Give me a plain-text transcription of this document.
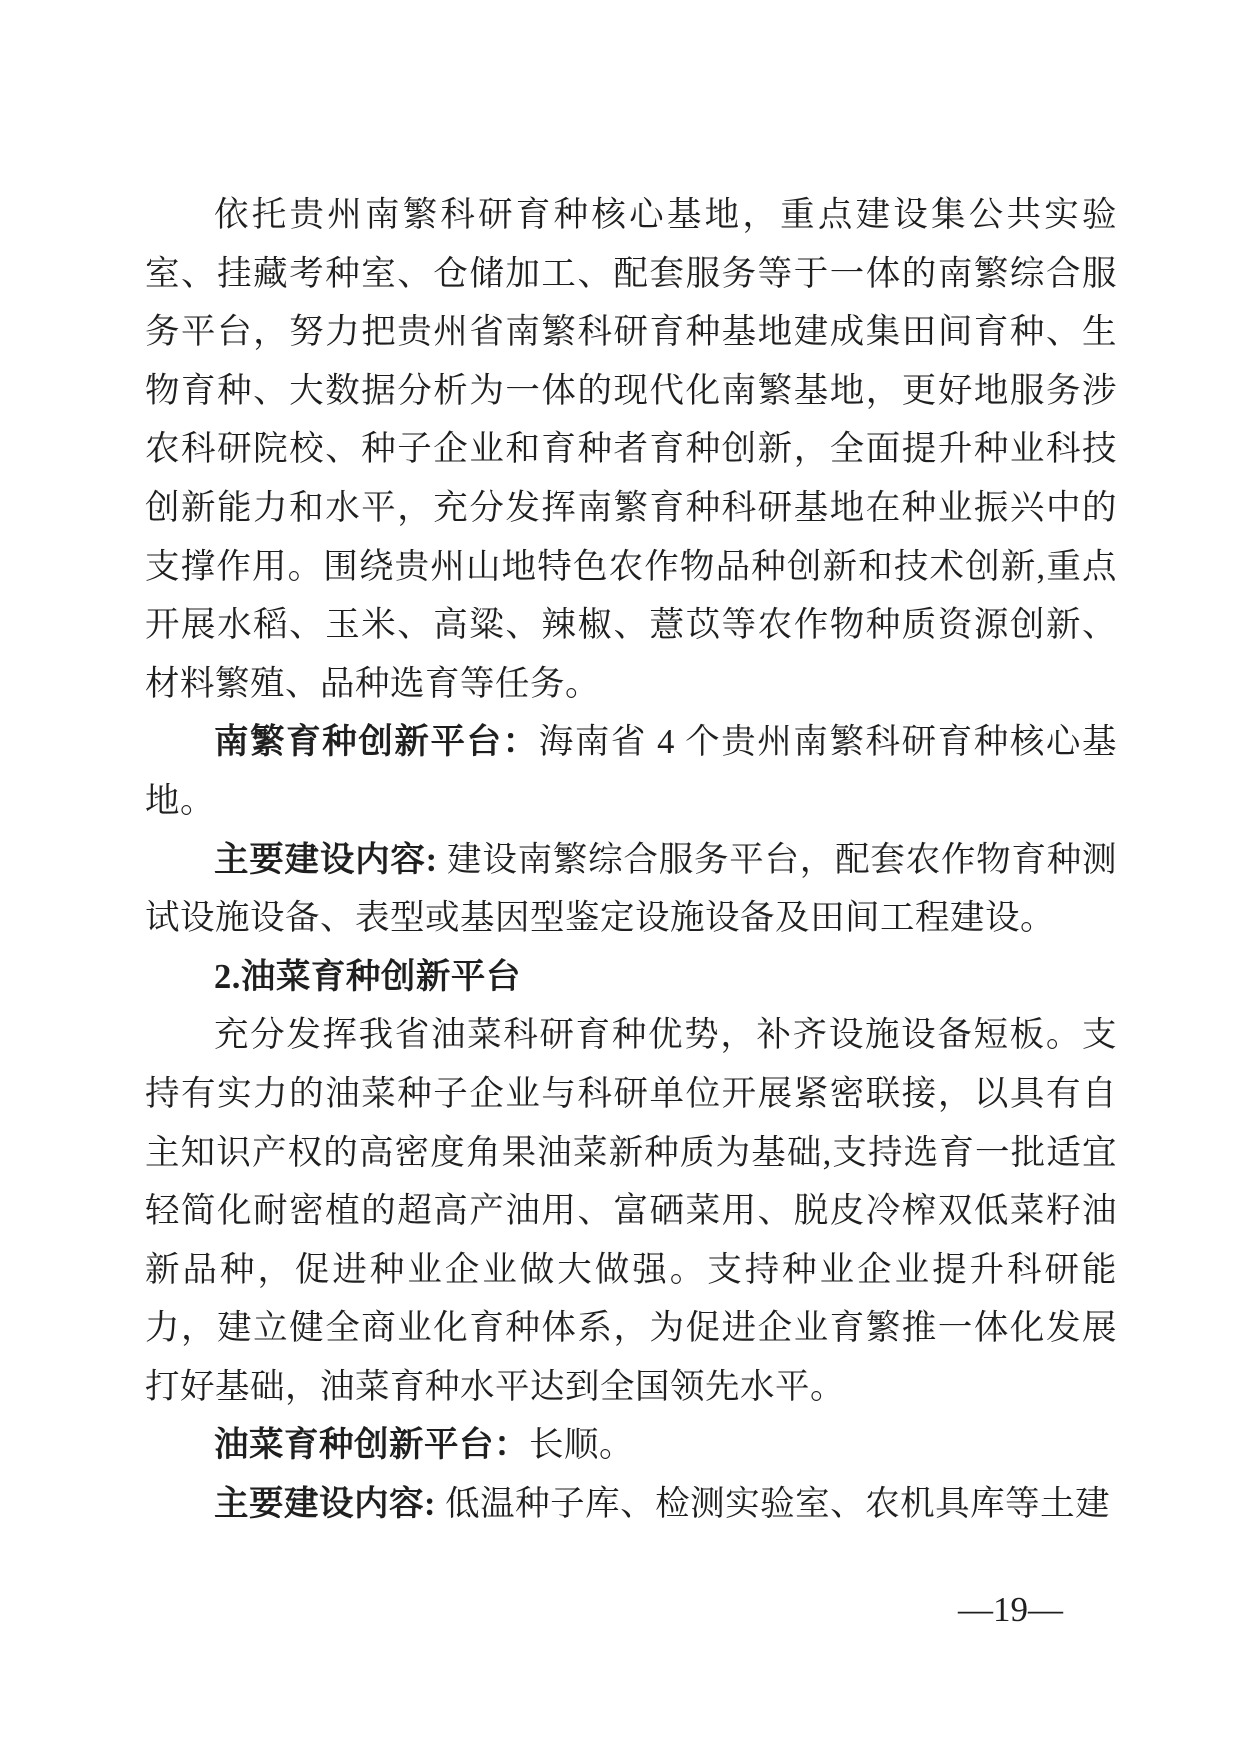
依托贵州南繁科研育种核心基地，重点建设集公共实验室、挂藏考种室、仓储加工、配套服务等于一体的南繁综合服务平台，努力把贵州省南繁科研育种基地建成集田间育种、生物育种、大数据分析为一体的现代化南繁基地，更好地服务涉农科研院校、种子企业和育种者育种创新，全面提升种业科技创新能力和水平，充分发挥南繁育种科研基地在种业振兴中的支撑作用。围绕贵州山地特色农作物品种创新和技术创新,重点开展水稻、玉米、高粱、辣椒、薏苡等农作物种质资源创新、材料繁殖、品种选育等任务。

南繁育种创新平台：海南省 4 个贵州南繁科研育种核心基地。

主要建设内容: 建设南繁综合服务平台，配套农作物育种测试设施设备、表型或基因型鉴定设施设备及田间工程建设。

2.油菜育种创新平台

充分发挥我省油菜科研育种优势，补齐设施设备短板。支持有实力的油菜种子企业与科研单位开展紧密联接，以具有自主知识产权的高密度角果油菜新种质为基础,支持选育一批适宜轻简化耐密植的超高产油用、富硒菜用、脱皮冷榨双低菜籽油新品种，促进种业企业做大做强。支持种业企业提升科研能力，建立健全商业化育种体系，为促进企业育繁推一体化发展打好基础，油菜育种水平达到全国领先水平。

油菜育种创新平台：长顺。

主要建设内容: 低温种子库、检测实验室、农机具库等土建

—19—
